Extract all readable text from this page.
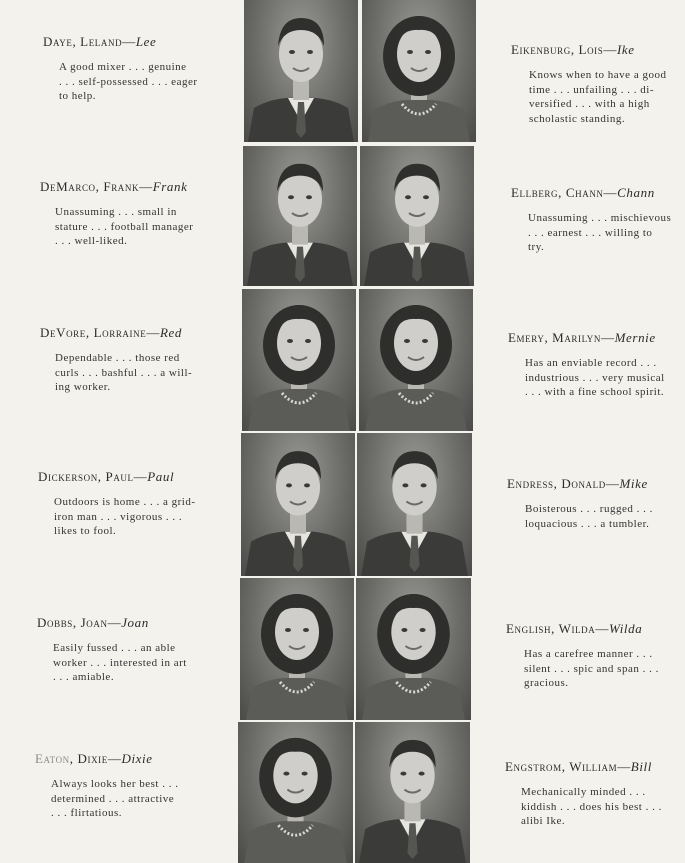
Daye, Leland—Lee
A good mixer . . . genuine
. . . self-possessed . . . eager
to help.
DeMarco, Frank—Frank
Unassuming . . . small in
stature . . . football manager
. . . well-liked.
DeVore, Lorraine—Red
Dependable . . . those red
curls . . . bashful . . . a will-
ing worker.
Dickerson, Paul—Paul
Outdoors is home . . . a grid-
iron man . . . vigorous . . .
likes to fool.
Dobbs, Joan—Joan
Easily fussed . . . an able
worker . . . interested in art
. . . amiable.
Eaton, Dixie—Dixie
Always looks her best . . .
determined . . . attractive
. . . flirtatious.
Eikenburg, Lois—Ike
Knows when to have a good
time . . . unfailing . . . di-
versified . . . with a high
scholastic standing.
Ellberg, Chann—Chann
Unassuming . . . mischievous
. . . earnest . . . willing to
try.
Emery, Marilyn—Mernie
Has an enviable record . . .
industrious . . . very musical
. . . with a fine school spirit.
Endress, Donald—Mike
Boisterous . . . rugged . . .
loquacious . . . a tumbler.
English, Wilda—Wilda
Has a carefree manner . . .
silent . . . spic and span . . .
gracious.
Engstrom, William—Bill
Mechanically minded . . .
kiddish . . . does his best . . .
alibi Ike.
